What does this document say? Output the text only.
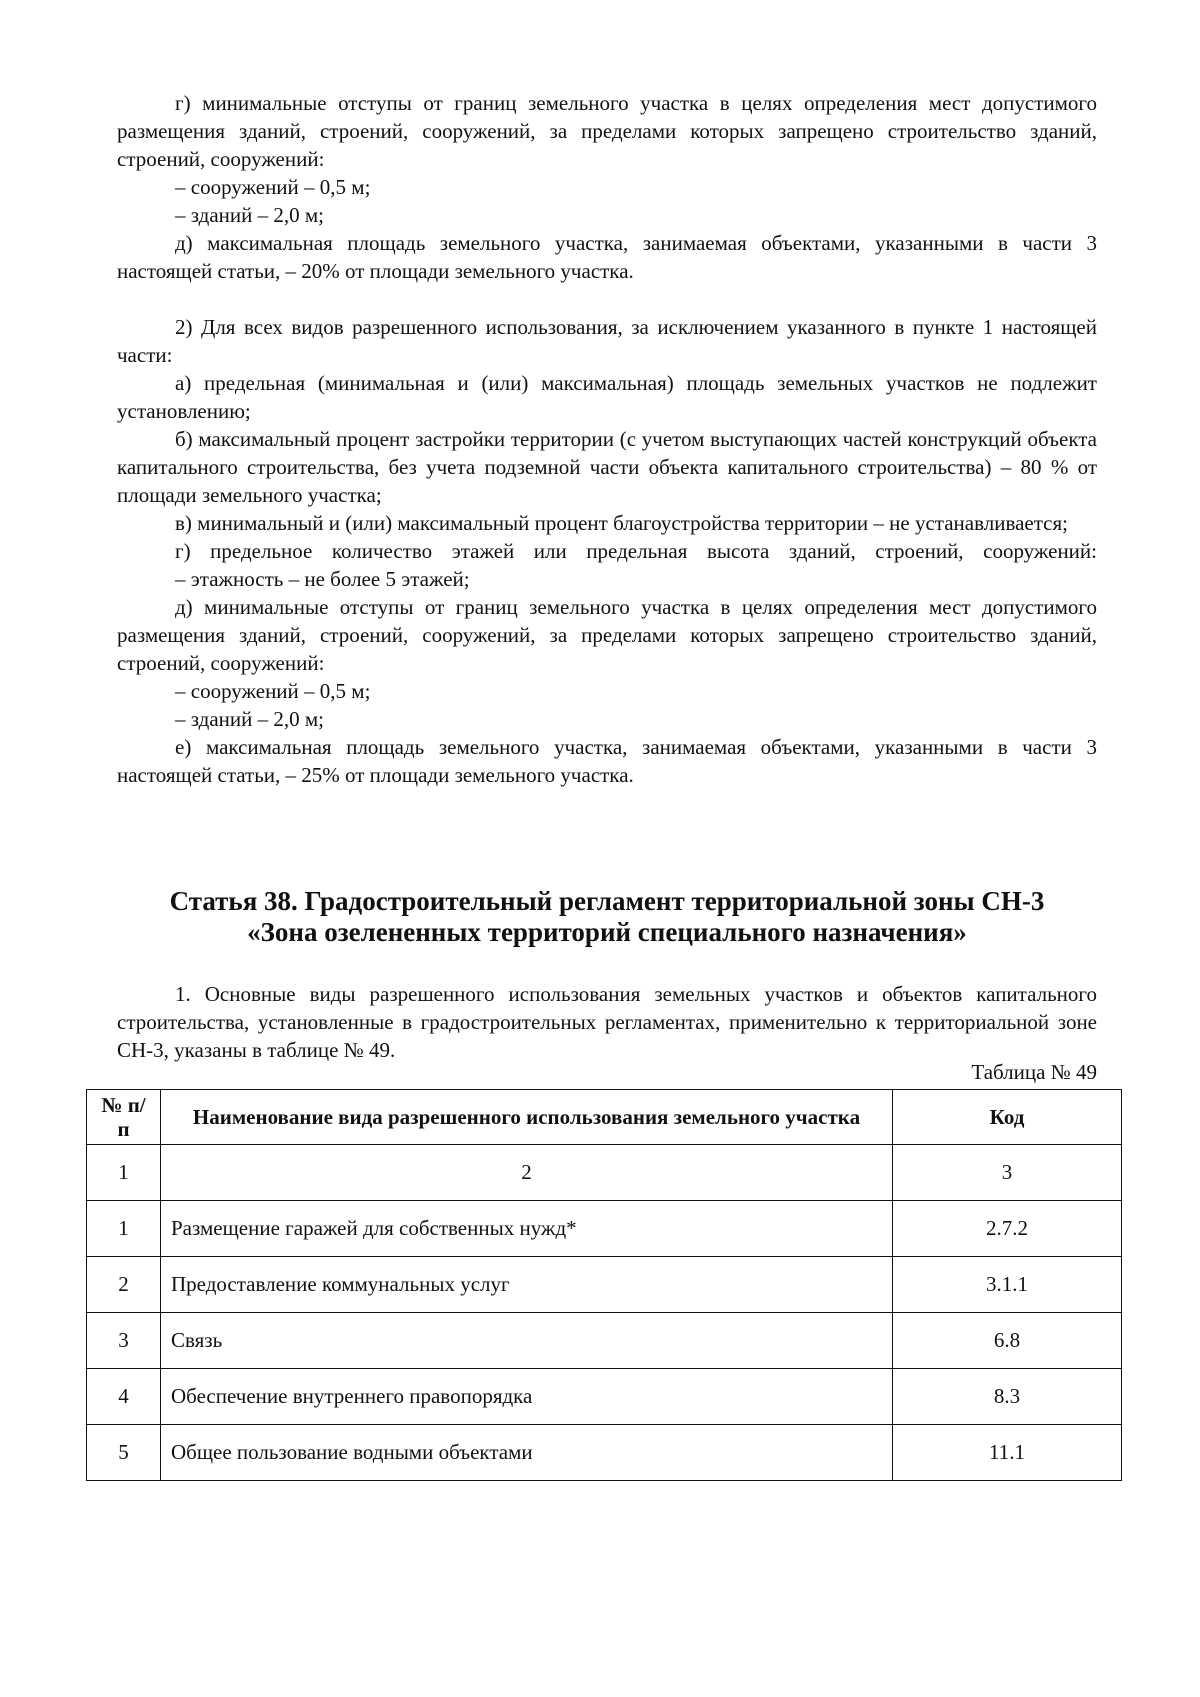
г) минимальные отступы от границ земельного участка в целях определения мест допустимого размещения зданий, строений, сооружений, за пределами которых запрещено строительство зданий, строений, сооружений:

– сооружений – 0,5 м;

– зданий – 2,0 м;

д) максимальная площадь земельного участка, занимаемая объектами, указанными в части 3 настоящей статьи, – 20% от площади земельного участка.

2) Для всех видов разрешенного использования, за исключением указанного в пункте 1 настоящей части:

а) предельная (минимальная и (или) максимальная) площадь земельных участков не подлежит установлению;

б) максимальный процент застройки территории (с учетом выступающих частей конструкций объекта капитального строительства, без учета подземной части объекта капитального строительства) – 80 % от площади земельного участка;

в) минимальный и (или) максимальный процент благоустройства территории – не устанавливается;

г) предельное количество этажей или предельная высота зданий, строений, сооружений:

– этажность – не более 5 этажей;

д) минимальные отступы от границ земельного участка в целях определения мест допустимого размещения зданий, строений, сооружений, за пределами которых запрещено строительство зданий, строений, сооружений:

– сооружений – 0,5 м;

– зданий – 2,0 м;

е) максимальная площадь земельного участка, занимаемая объектами, указанными в части 3 настоящей статьи, – 25% от площади земельного участка.

Статья 38. Градостроительный регламент территориальной зоны СН-3
«Зона озелененных территорий специального назначения»

1. Основные виды разрешенного использования земельных участков и объектов капитального строительства, установленные в градостроительных регламентах, применительно к территориальной зоне СН-3, указаны в таблице № 49.

Таблица № 49
№ п/п	Наименование вида разрешенного использования земельного участка	Код
1	2	3
1	Размещение гаражей для собственных нужд*	2.7.2
2	Предоставление коммунальных услуг	3.1.1
3	Связь	6.8
4	Обеспечение внутреннего правопорядка	8.3
5	Общее пользование водными объектами	11.1
